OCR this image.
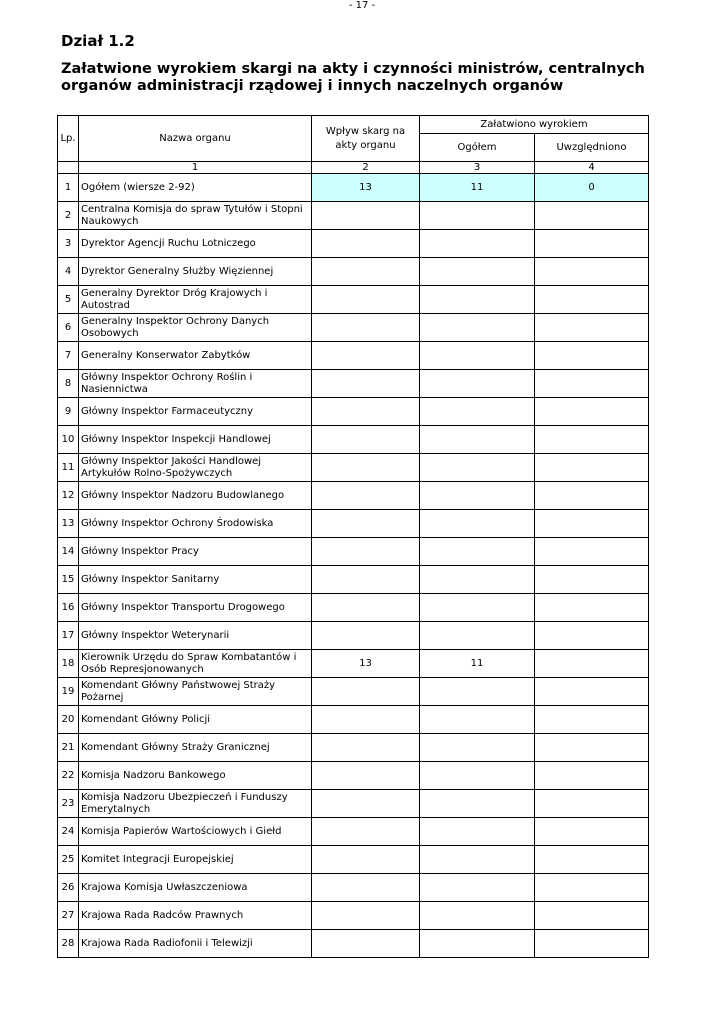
- 17 -
Dział 1.2
Załatwione wyrokiem skargi na akty i czynności ministrów, centralnych organów administracji rządowej i innych naczelnych organów
Lp.	Nazwa organu	Wpływ skarg na akty organu	Załatwiono wyrokiem	
			Ogółem	Uwzględniono
	1	2	3	4
1	Ogółem (wiersze 2-92)	13	11	0
2	Centralna Komisja do spraw Tytułów i Stopni Naukowych			
3	Dyrektor Agencji Ruchu Lotniczego			
4	Dyrektor Generalny Służby Więziennej			
5	Generalny Dyrektor Dróg Krajowych i Autostrad			
6	Generalny Inspektor Ochrony Danych Osobowych			
7	Generalny Konserwator Zabytków			
8	Główny Inspektor Ochrony Roślin i Nasiennictwa			
9	Główny Inspektor Farmaceutyczny			
10	Główny Inspektor Inspekcji Handlowej			
11	Główny Inspektor Jakości Handlowej Artykułów Rolno-Spożywczych			
12	Główny Inspektor Nadzoru Budowlanego			
13	Główny Inspektor Ochrony Środowiska			
14	Główny Inspektor Pracy			
15	Główny Inspektor Sanitarny			
16	Główny Inspektor Transportu Drogowego			
17	Główny Inspektor Weterynarii			
18	Kierownik Urzędu do Spraw Kombatantów i Osób Represjonowanych	13	11	
19	Komendant Główny Państwowej Straży Pożarnej			
20	Komendant Główny Policji			
21	Komendant Główny Straży Granicznej			
22	Komisja Nadzoru Bankowego			
23	Komisja Nadzoru Ubezpieczeń i Funduszy Emerytalnych			
24	Komisja Papierów Wartościowych i Giełd			
25	Komitet Integracji Europejskiej			
26	Krajowa Komisja Uwłaszczeniowa			
27	Krajowa Rada Radców Prawnych			
28	Krajowa Rada Radiofonii i Telewizji			
